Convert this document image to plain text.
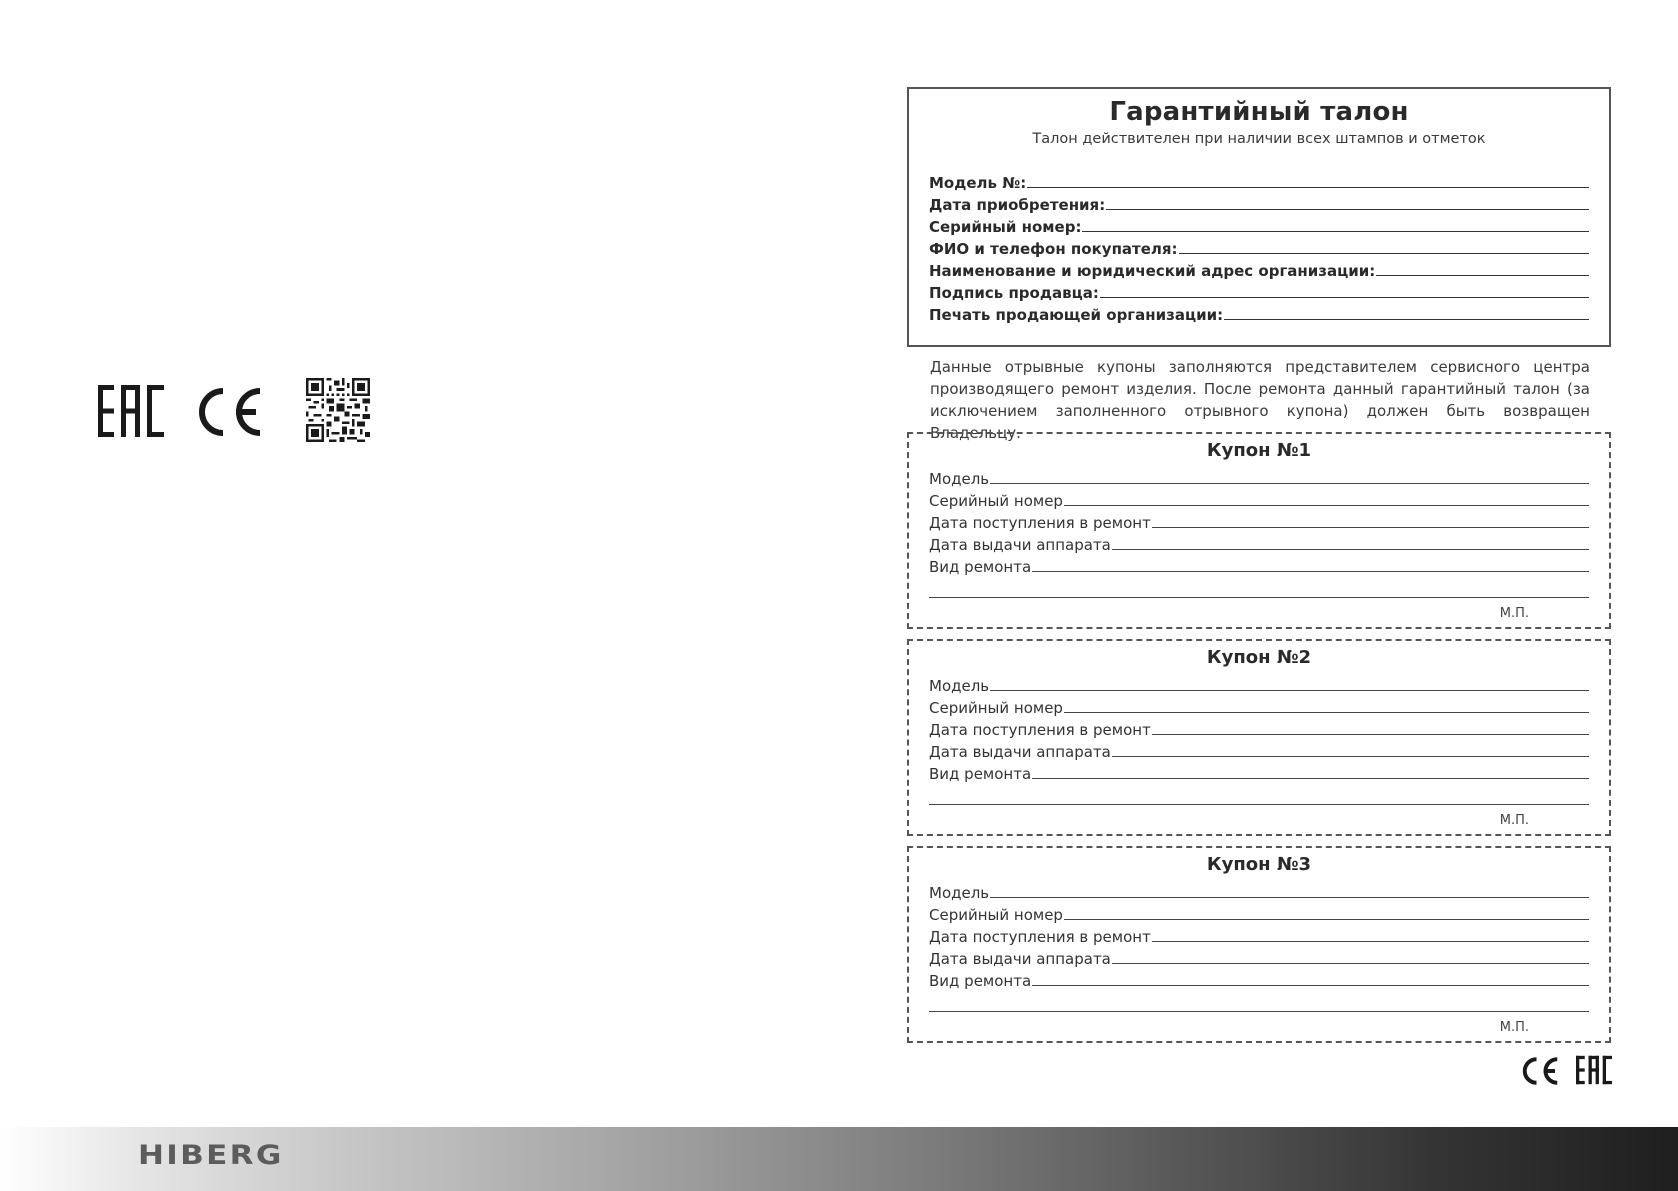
Гарантийный талон
Талон действителен при наличии всех штампов и отметок
Модель №:
Дата приобретения:
Серийный номер:
ФИО и телефон покупателя:
Наименование и юридический адрес организации:
Подпись продавца:
Печать продающей организации:
Данные отрывные купоны заполняются представителем сервисного центра производящего ремонт изделия. После ремонта данный гарантийный талон (за исключением заполненного отрывного купона) должен быть возвращен Владельцу.
Купон №1
Модель
Серийный номер
Дата поступления в ремонт
Дата выдачи аппарата
Вид ремонта
М.П.
Купон №2
Модель
Серийный номер
Дата поступления в ремонт
Дата выдачи аппарата
Вид ремонта
М.П.
Купон №3
Модель
Серийный номер
Дата поступления в ремонт
Дата выдачи аппарата
Вид ремонта
М.П.
HIBERG
